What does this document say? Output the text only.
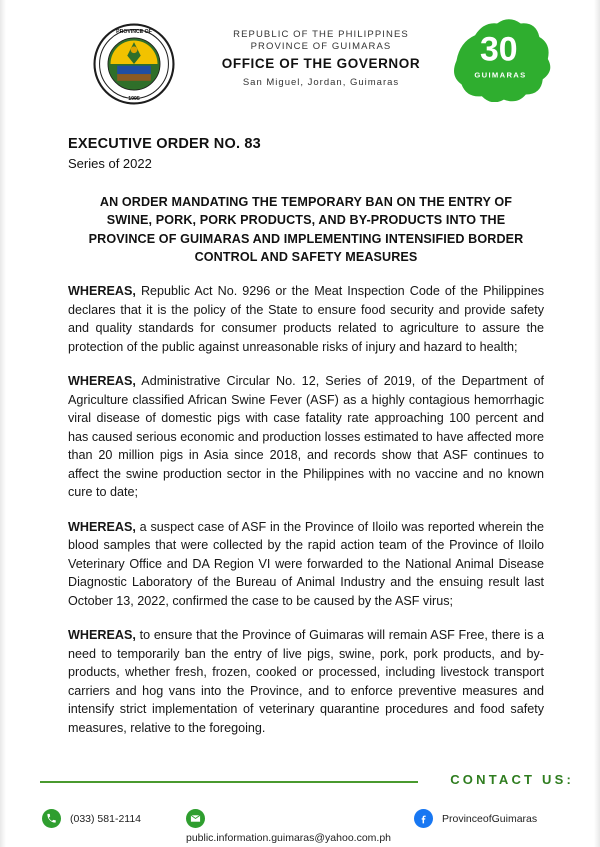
PROVINCE OF
1995
REPUBLIC OF THE PHILIPPINES
PROVINCE OF GUIMARAS
OFFICE OF THE GOVERNOR
San Miguel, Jordan, Guimaras
30
GUIMARAS
EXECUTIVE ORDER NO. 83
Series of 2022
AN ORDER MANDATING THE TEMPORARY BAN ON THE ENTRY OF SWINE, PORK, PORK PRODUCTS, AND BY-PRODUCTS INTO THE PROVINCE OF GUIMARAS AND IMPLEMENTING INTENSIFIED BORDER CONTROL AND SAFETY MEASURES

WHEREAS, Republic Act No. 9296 or the Meat Inspection Code of the Philippines declares that it is the policy of the State to ensure food security and provide safety and quality standards for consumer products related to agriculture to assure the protection of the public against unreasonable risks of injury and hazard to health;

WHEREAS, Administrative Circular No. 12, Series of 2019, of the Department of Agriculture classified African Swine Fever (ASF) as a highly contagious hemorrhagic viral disease of domestic pigs with case fatality rate approaching 100 percent and has caused serious economic and production losses estimated to have affected more than 20 million pigs in Asia since 2018, and records show that ASF continues to affect the swine production sector in the Philippines with no vaccine and no known cure to date;

WHEREAS, a suspect case of ASF in the Province of Iloilo was reported wherein the blood samples that were collected by the rapid action team of the Province of Iloilo Veterinary Office and DA Region VI were forwarded to the National Animal Disease Diagnostic Laboratory of the Bureau of Animal Industry and the ensuing result last October 13, 2022, confirmed the case to be caused by the ASF virus;

WHEREAS, to ensure that the Province of Guimaras will remain ASF Free, there is a need to temporarily ban the entry of live pigs, swine, pork, pork products, and by-products, whether fresh, frozen, cooked or processed, including livestock transport carriers and hog vans into the Province, and to enforce preventive measures and intensify strict implementation of veterinary quarantine procedures and food safety measures, relative to the foregoing.

CONTACT US:
(033) 581-2114
public.information.guimaras@yahoo.com.ph
ProvinceofGuimaras
